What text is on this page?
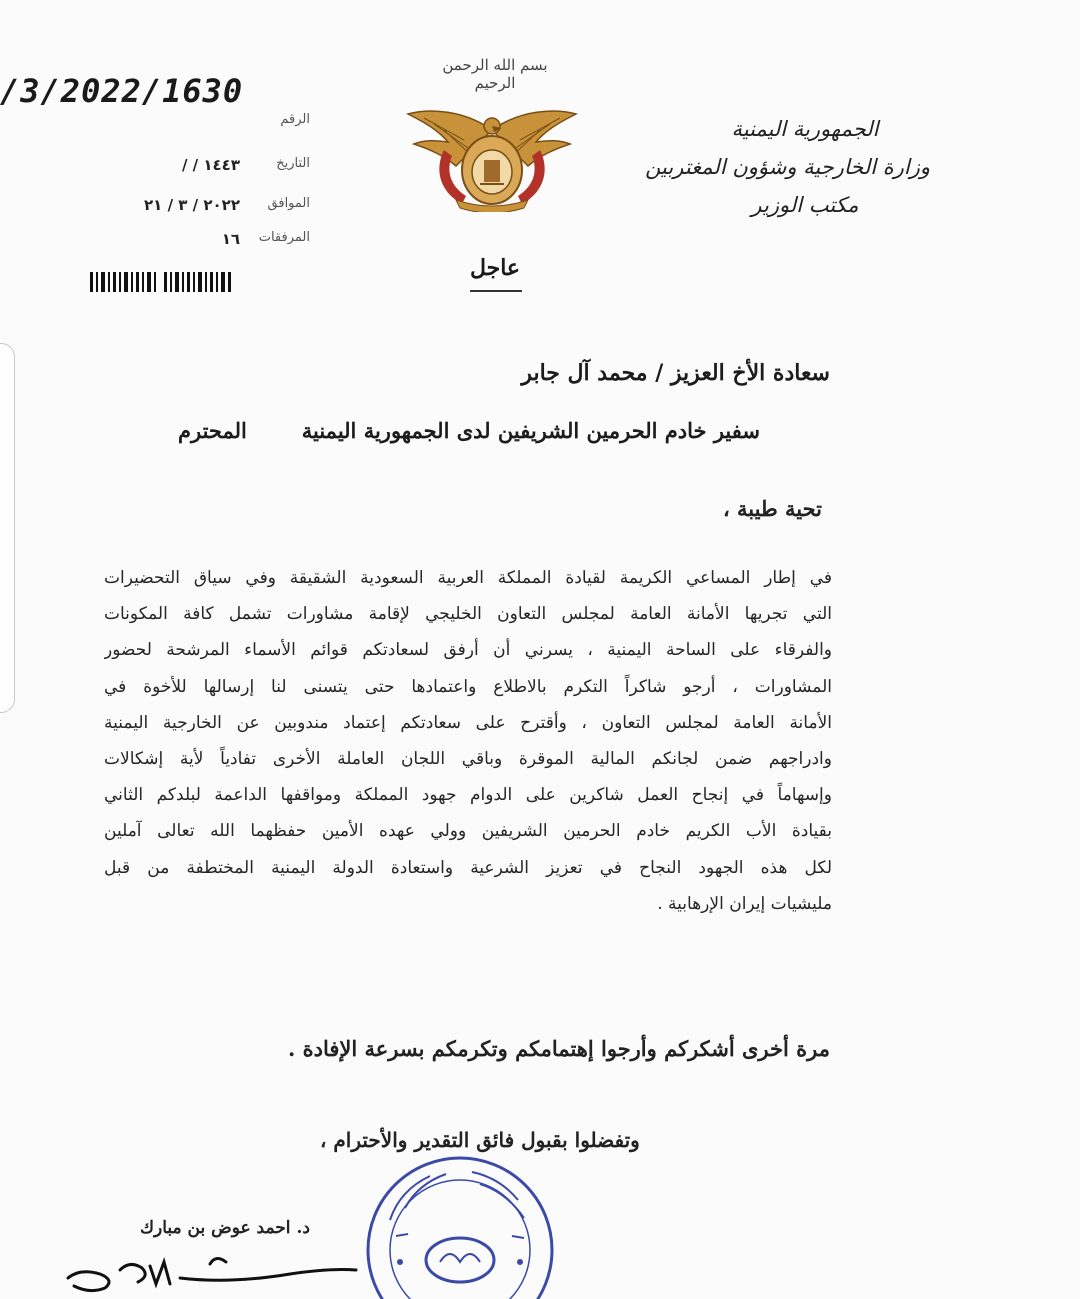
/3/2022/1630
الرقم
التاريخ
١٤٤٣ / /
الموافق
٢٠٢٢ / ٣ / ٢١
المرفقات
١٦
بسم الله الرحمن الرحيم
عاجل
الجمهورية اليمنية
وزارة الخارجية وشؤون المغتربين
مكتب الوزير
سعادة الأخ العزيز / محمد آل جابر
سفير خادم الحرمين الشريفين لدى الجمهورية اليمنية
المحترم
تحية طيبة ،
في إطار المساعي الكريمة لقيادة المملكة العربية السعودية الشقيقة وفي سياق التحضيرات
التي تجريها الأمانة العامة لمجلس التعاون الخليجي لإقامة مشاورات تشمل كافة المكونات
والفرقاء على الساحة اليمنية ، يسرني أن أرفق لسعادتكم قوائم الأسماء المرشحة لحضور
المشاورات ، أرجو شاكراً التكرم بالاطلاع واعتمادها حتى يتسنى لنا إرسالها للأخوة في
الأمانة العامة لمجلس التعاون ، وأقترح على سعادتكم إعتماد مندوبين عن الخارجية اليمنية
وادراجهم ضمن لجانكم المالية الموقرة وباقي اللجان العاملة الأخرى تفادياً لأية إشكالات
وإسهاماً في إنجاح العمل شاكرين على الدوام جهود المملكة ومواقفها الداعمة لبلدكم الثاني
بقيادة الأب الكريم خادم الحرمين الشريفين وولي عهده الأمين حفظهما الله تعالى آملين
لكل هذه الجهود النجاح في تعزيز الشرعية واستعادة الدولة اليمنية المختطفة من قبل
مليشيات إيران الإرهابية .
مرة أخرى أشكركم وأرجوا إهتمامكم وتكرمكم بسرعة الإفادة .
وتفضلوا بقبول فائق التقدير والأحترام ،
د. احمد عوض بن مبارك
